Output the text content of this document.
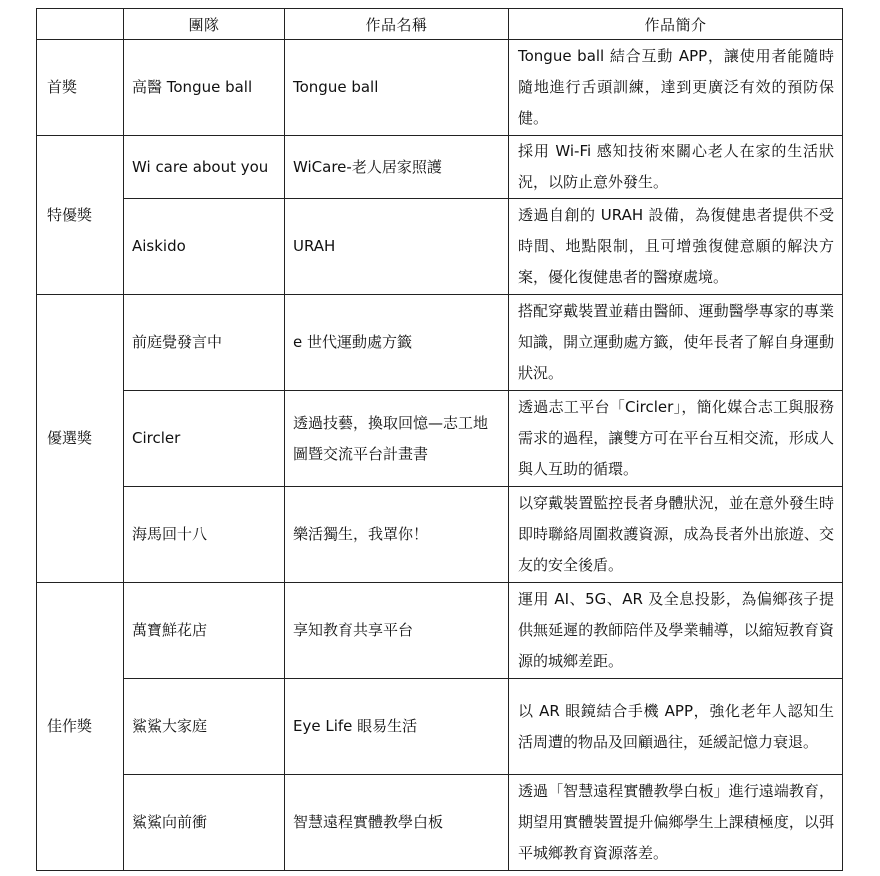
	團隊	作品名稱	作品簡介
首獎	高醫 Tongue ball	Tongue ball	Tongue ball 結合互動 APP，讓使用者能隨時隨地進行舌頭訓練，達到更廣泛有效的預防保健。
特優獎	Wi care about you	WiCare-老人居家照護	採用 Wi-Fi 感知技術來關心老人在家的生活狀況，以防止意外發生。
	Aiskido	URAH	透過自創的 URAH 設備，為復健患者提供不受時間、地點限制，且可增強復健意願的解決方案，優化復健患者的醫療處境。
優選獎	前庭覺發言中	e 世代運動處方籤	搭配穿戴裝置並藉由醫師、運動醫學專家的專業知識，開立運動處方籤，使年長者了解自身運動狀況。
	Circler	透過技藝，換取回憶—志工地圖暨交流平台計畫書	透過志工平台「Circler」，簡化媒合志工與服務需求的過程，讓雙方可在平台互相交流，形成人與人互助的循環。
	海馬回十八	樂活獨生，我罩你！	以穿戴裝置監控長者身體狀況，並在意外發生時即時聯絡周圍救護資源，成為長者外出旅遊、交友的安全後盾。
佳作獎	萬寶鮮花店	享知教育共享平台	運用 AI、5G、AR 及全息投影，為偏鄉孩子提供無延遲的教師陪伴及學業輔導，以縮短教育資源的城鄉差距。
	鯊鯊大家庭	Eye Life 眼易生活	以 AR 眼鏡結合手機 APP，強化老年人認知生活周遭的物品及回顧過往，延緩記憶力衰退。
	鯊鯊向前衝	智慧遠程實體教學白板	透過「智慧遠程實體教學白板」進行遠端教育，期望用實體裝置提升偏鄉學生上課積極度，以弭平城鄉教育資源落差。
